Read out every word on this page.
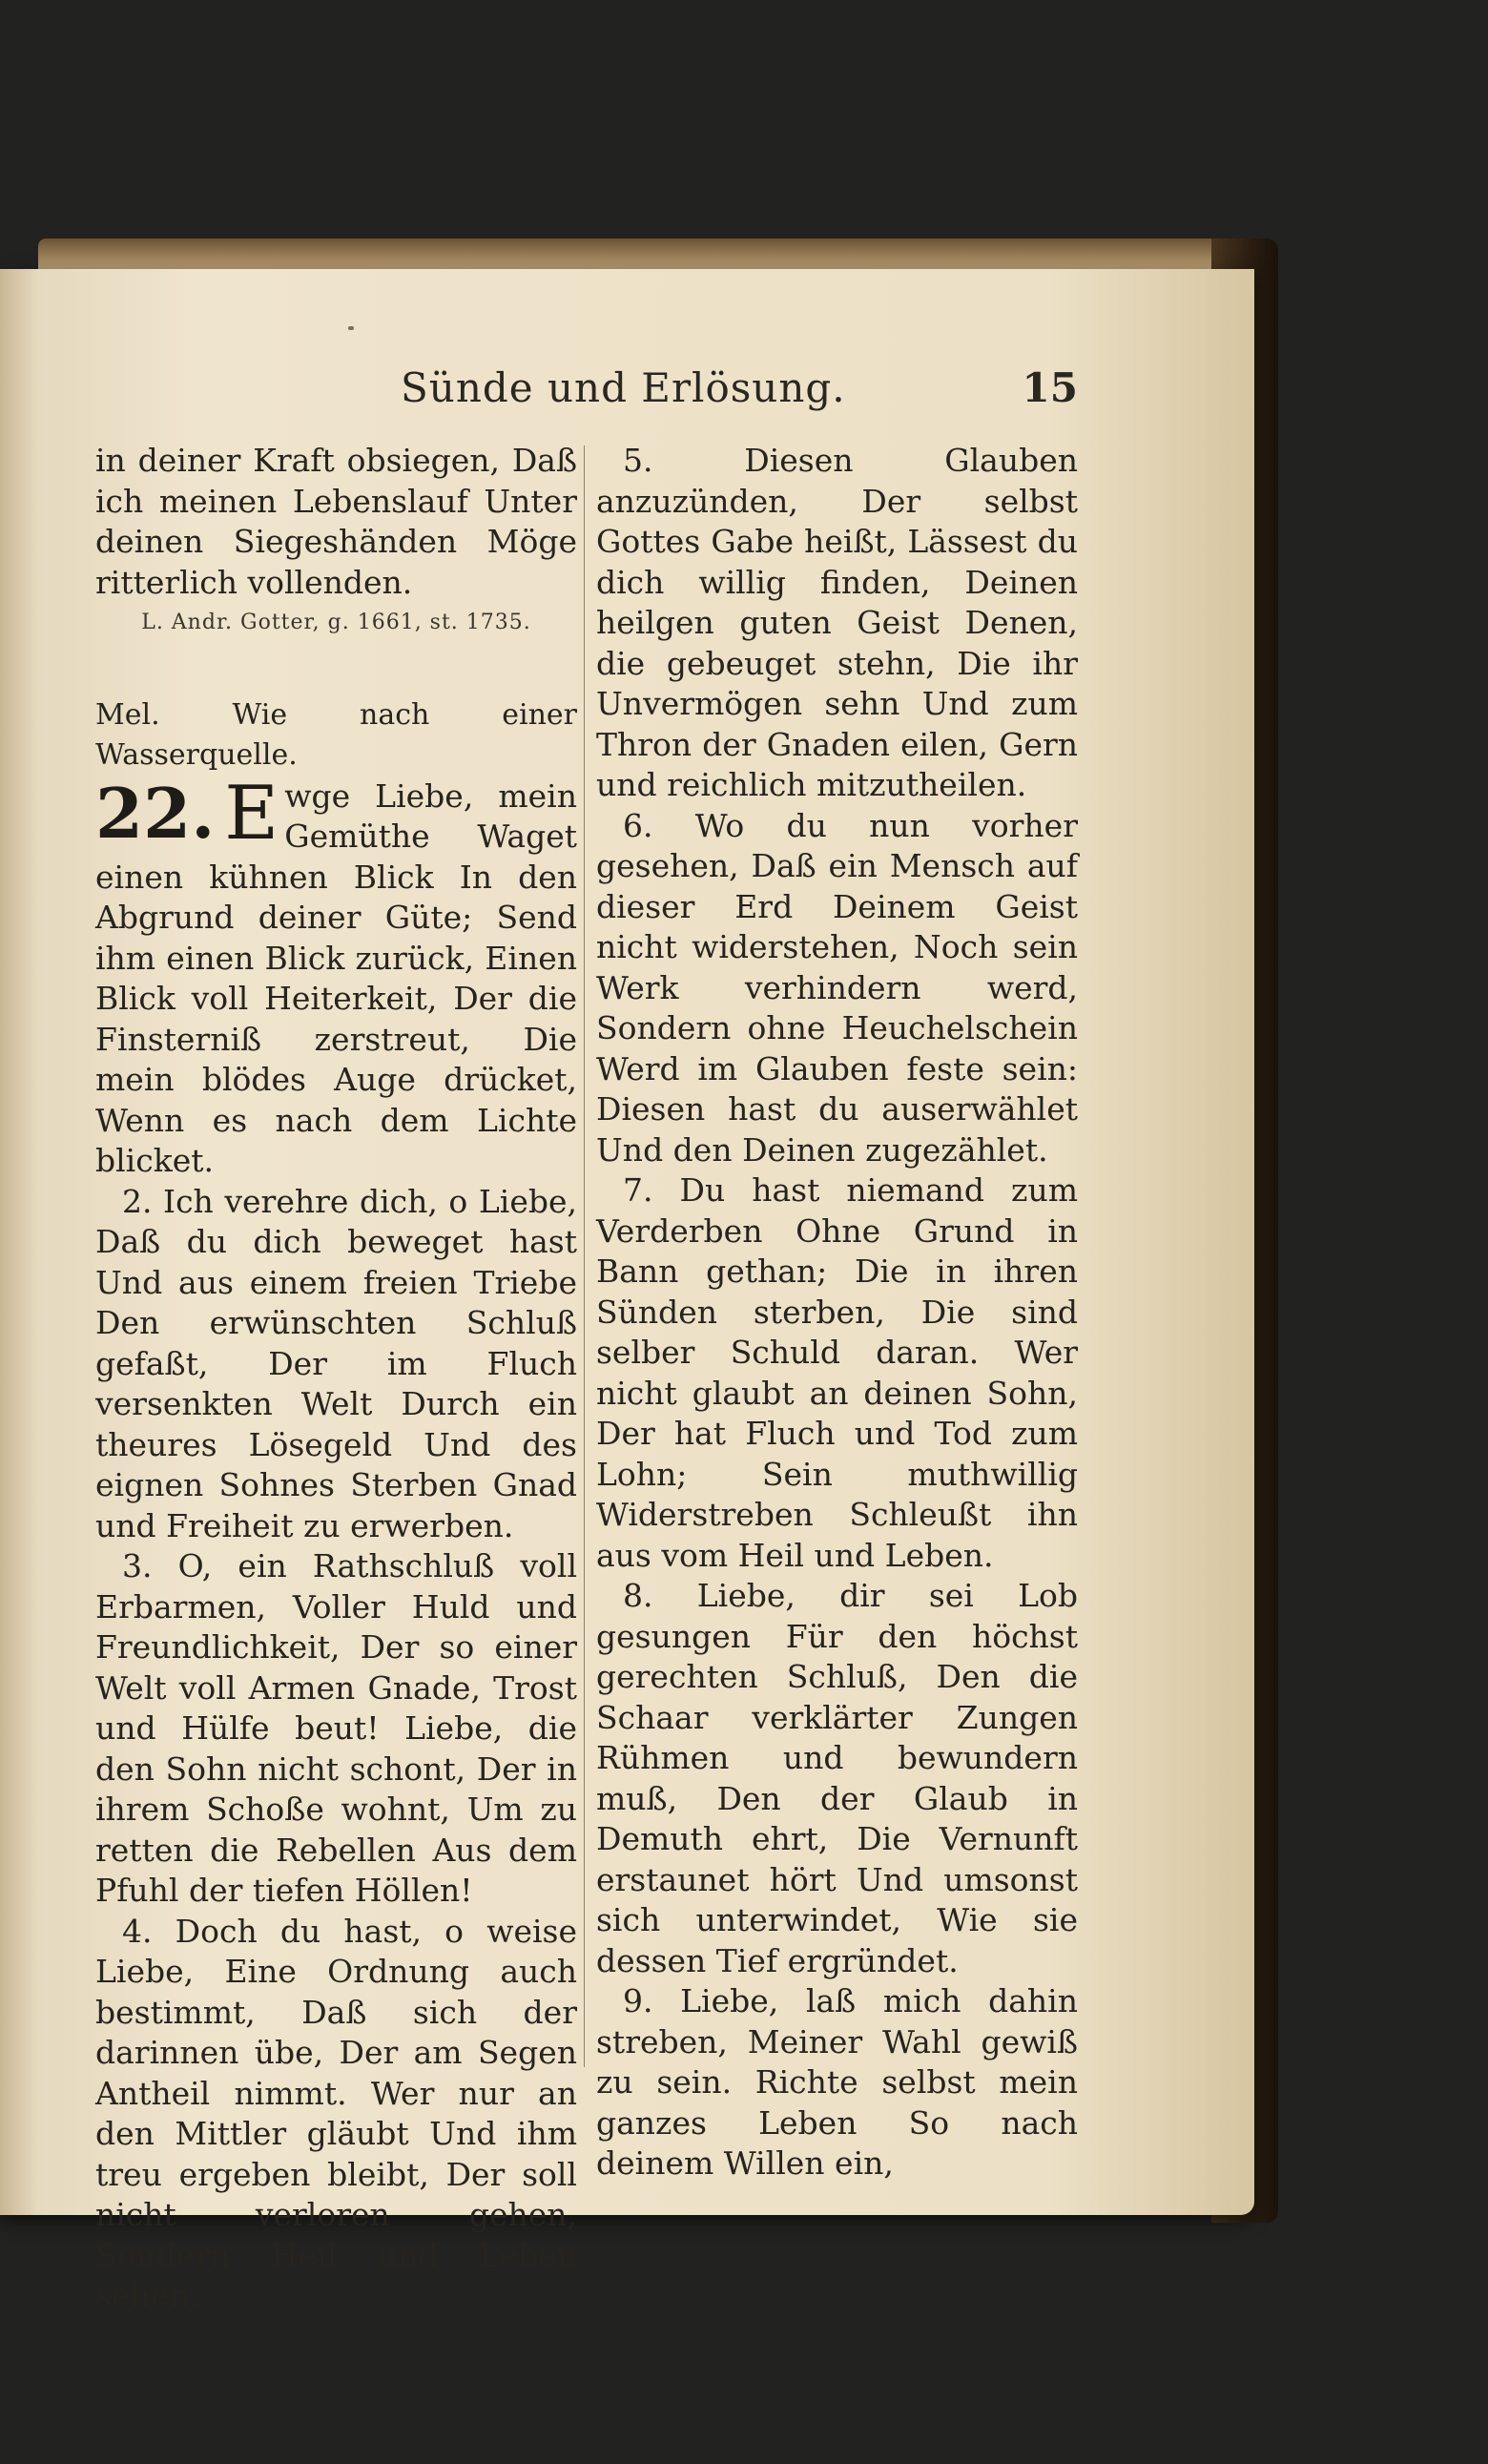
Sünde und Erlösung.	15

in deiner Kraft obsiegen, Daß ich meinen Lebenslauf Unter deinen Siegeshänden Möge ritterlich vollenden.

L. Andr. Gotter, g. 1661, st. 1735.

Mel. Wie nach einer Wasserquelle.

22. E wge Liebe, mein Gemüthe Waget einen kühnen Blick In den Abgrund deiner Güte; Send ihm einen Blick zurück, Einen Blick voll Heiterkeit, Der die Finsterniß zerstreut, Die mein blödes Auge drücket, Wenn es nach dem Lichte blicket.

2. Ich verehre dich, o Liebe, Daß du dich beweget hast Und aus einem freien Triebe Den erwünschten Schluß gefaßt, Der im Fluch versenkten Welt Durch ein theures Lösegeld Und des eignen Sohnes Sterben Gnad und Freiheit zu erwerben.

3. O, ein Rathschluß voll Erbarmen, Voller Huld und Freundlichkeit, Der so einer Welt voll Armen Gnade, Trost und Hülfe beut! Liebe, die den Sohn nicht schont, Der in ihrem Schoße wohnt, Um zu retten die Rebellen Aus dem Pfuhl der tiefen Höllen!

4. Doch du hast, o weise Liebe, Eine Ordnung auch bestimmt, Daß sich der darinnen übe, Der am Segen Antheil nimmt. Wer nur an den Mittler gläubt Und ihm treu ergeben bleibt, Der soll nicht verloren gehen, Sondern Heil und Leben sehen.

5. Diesen Glauben anzuzünden, Der selbst Gottes Gabe heißt, Lässest du dich willig finden, Deinen heilgen guten Geist Denen, die gebeuget stehn, Die ihr Unvermögen sehn Und zum Thron der Gnaden eilen, Gern und reichlich mitzutheilen.

6. Wo du nun vorher gesehen, Daß ein Mensch auf dieser Erd Deinem Geist nicht widerstehen, Noch sein Werk verhindern werd, Sondern ohne Heuchelschein Werd im Glauben feste sein: Diesen hast du auserwählet Und den Deinen zugezählet.

7. Du hast niemand zum Verderben Ohne Grund in Bann gethan; Die in ihren Sünden sterben, Die sind selber Schuld daran. Wer nicht glaubt an deinen Sohn, Der hat Fluch und Tod zum Lohn; Sein muthwillig Widerstreben Schleußt ihn aus vom Heil und Leben.

8. Liebe, dir sei Lob gesungen Für den höchst gerechten Schluß, Den die Schaar verklärter Zungen Rühmen und bewundern muß, Den der Glaub in Demuth ehrt, Die Vernunft erstaunet hört Und umsonst sich unterwindet, Wie sie dessen Tief ergründet.

9. Liebe, laß mich dahin streben, Meiner Wahl gewiß zu sein. Richte selbst mein ganzes Leben So nach deinem Willen ein,
